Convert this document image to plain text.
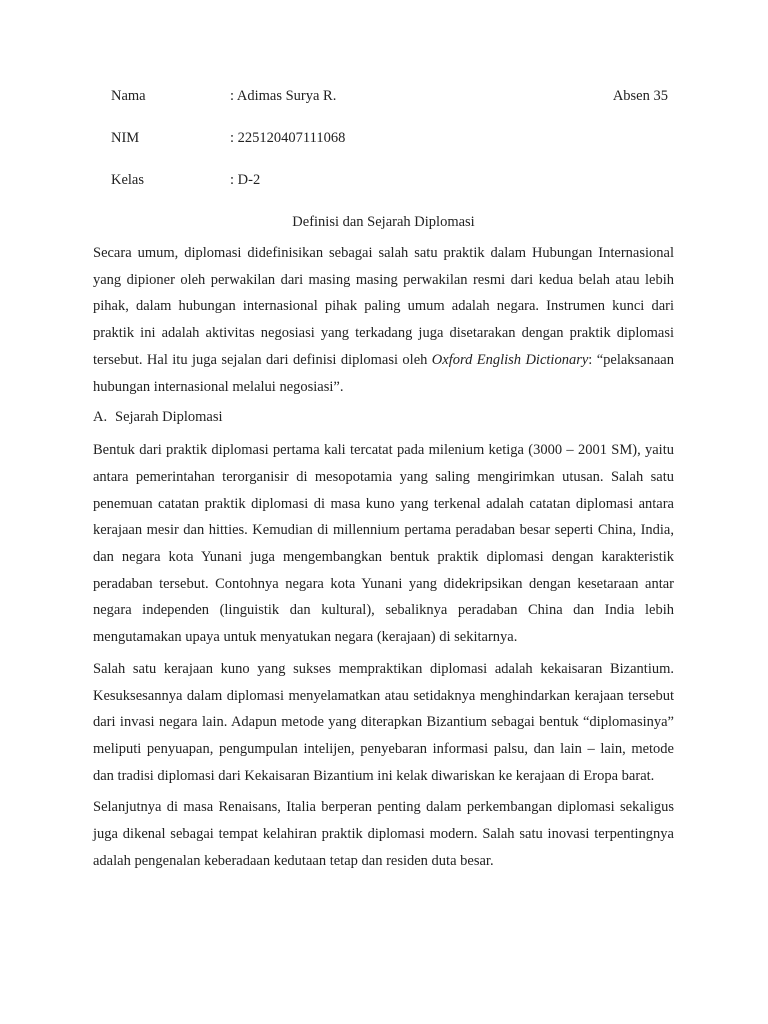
Nama	: Adimas Surya R.	Absen 35
NIM	: 225120407111068
Kelas	: D-2
Definisi dan Sejarah Diplomasi

Secara umum, diplomasi didefinisikan sebagai salah satu praktik dalam Hubungan Internasional yang dipioner oleh perwakilan dari masing masing perwakilan resmi dari kedua belah atau lebih pihak, dalam hubungan internasional pihak paling umum adalah negara. Instrumen kunci dari praktik ini adalah aktivitas negosiasi yang terkadang juga disetarakan dengan praktik diplomasi tersebut. Hal itu juga sejalan dari definisi diplomasi oleh Oxford English Dictionary: “pelaksanaan hubungan internasional melalui negosiasi”.

A. Sejarah Diplomasi

Bentuk dari praktik diplomasi pertama kali tercatat pada milenium ketiga (3000 – 2001 SM), yaitu antara pemerintahan terorganisir di mesopotamia yang saling mengirimkan utusan. Salah satu penemuan catatan praktik diplomasi di masa kuno yang terkenal adalah catatan diplomasi antara kerajaan mesir dan hitties. Kemudian di millennium pertama peradaban besar seperti China, India, dan negara kota Yunani juga mengembangkan bentuk praktik diplomasi dengan karakteristik peradaban tersebut. Contohnya negara kota Yunani yang didekripsikan dengan kesetaraan antar negara independen (linguistik dan kultural), sebaliknya peradaban China dan India lebih mengutamakan upaya untuk menyatukan negara (kerajaan) di sekitarnya.

Salah satu kerajaan kuno yang sukses mempraktikan diplomasi adalah kekaisaran Bizantium. Kesuksesannya dalam diplomasi menyelamatkan atau setidaknya menghindarkan kerajaan tersebut dari invasi negara lain. Adapun metode yang diterapkan Bizantium sebagai bentuk “diplomasinya” meliputi penyuapan, pengumpulan intelijen, penyebaran informasi palsu, dan lain – lain, metode dan tradisi diplomasi dari Kekaisaran Bizantium ini kelak diwariskan ke kerajaan di Eropa barat.

Selanjutnya di masa Renaisans, Italia berperan penting dalam perkembangan diplomasi sekaligus juga dikenal sebagai tempat kelahiran praktik diplomasi modern. Salah satu inovasi terpentingnya adalah pengenalan keberadaan kedutaan tetap dan residen duta besar.
